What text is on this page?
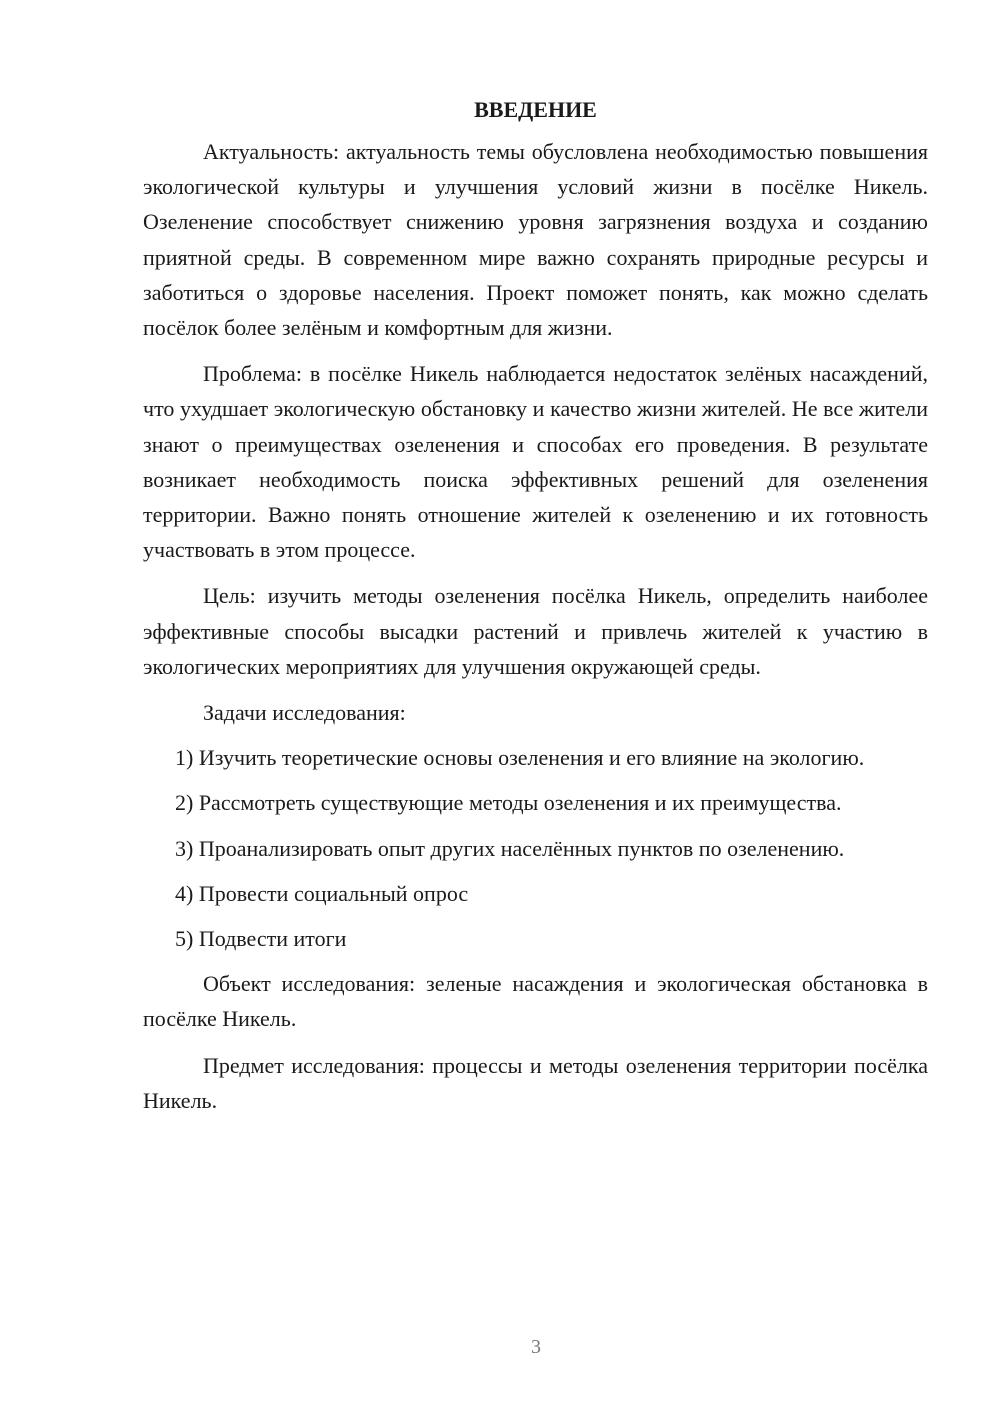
ВВЕДЕНИЕ

Актуальность: актуальность темы обусловлена необходимостью повышения экологической культуры и улучшения условий жизни в посёлке Никель. Озеленение способствует снижению уровня загрязнения воздуха и созданию приятной среды. В современном мире важно сохранять природные ресурсы и заботиться о здоровье населения. Проект поможет понять, как можно сделать посёлок более зелёным и комфортным для жизни.

Проблема: в посёлке Никель наблюдается недостаток зелёных насаждений, что ухудшает экологическую обстановку и качество жизни жителей. Не все жители знают о преимуществах озеленения и способах его проведения. В результате возникает необходимость поиска эффективных решений для озеленения территории. Важно понять отношение жителей к озеленению и их готовность участвовать в этом процессе.

Цель: изучить методы озеленения посёлка Никель, определить наиболее эффективные способы высадки растений и привлечь жителей к участию в экологических мероприятиях для улучшения окружающей среды.

Задачи исследования:

1) Изучить теоретические основы озеленения и его влияние на экологию.

2) Рассмотреть существующие методы озеленения и их преимущества.

3) Проанализировать опыт других населённых пунктов по озеленению.

4) Провести социальный опрос

5) Подвести итоги

Объект исследования: зеленые насаждения и экологическая обстановка в посёлке Никель.

Предмет исследования: процессы и методы озеленения территории посёлка Никель.

3
